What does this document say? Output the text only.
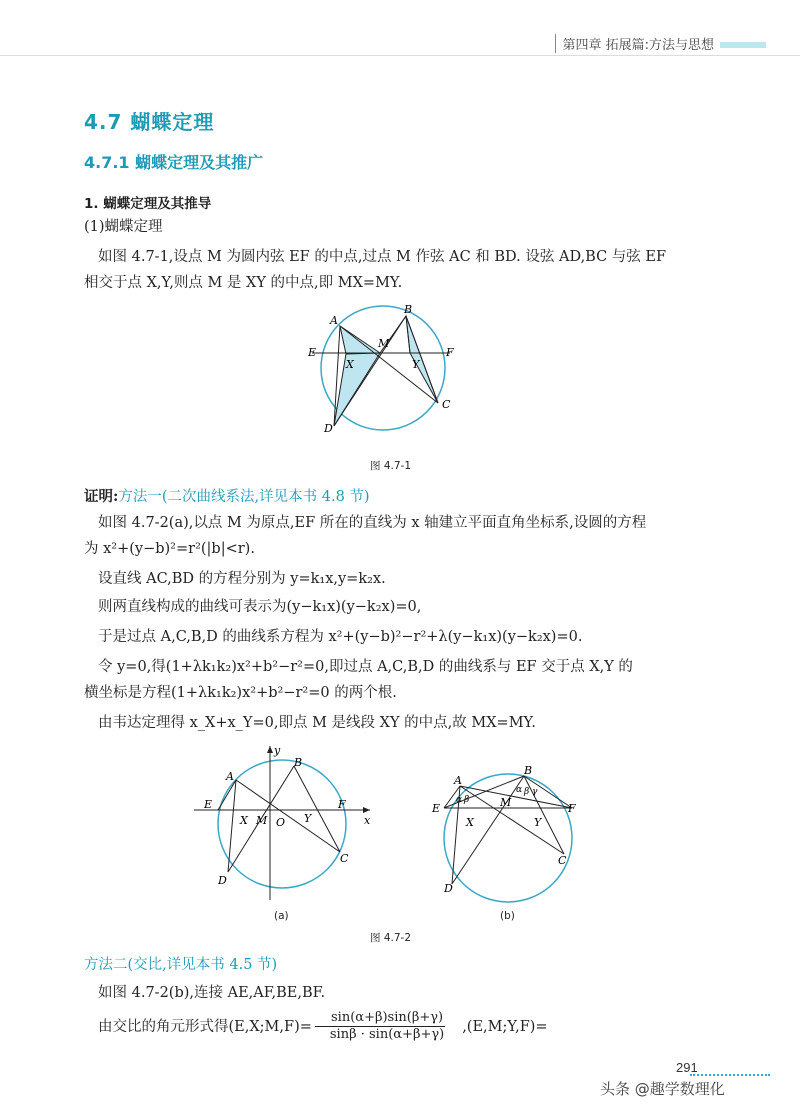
第四章 拓展篇:方法与思想
4.7 蝴蝶定理
4.7.1 蝴蝶定理及其推广
1. 蝴蝶定理及其推导
(1)蝴蝶定理
如图 4.7-1,设点 M 为圆内弦 EF 的中点,过点 M 作弦 AC 和 BD. 设弦 AD,BC 与弦 EF
相交于点 X,Y,则点 M 是 XY 的中点,即 MX=MY.
A
B
E
M
F
X	Y
C
D
图 4.7-1
证明:方法一(二次曲线系法,详见本书 4.8 节)
如图 4.7-2(a),以点 M 为原点,EF 所在的直线为 x 轴建立平面直角坐标系,设圆的方程
为 x²+(y−b)²=r²(|b|<r).
设直线 AC,BD 的方程分别为 y=k₁x,y=k₂x.
则两直线构成的曲线可表示为(y−k₁x)(y−k₂x)=0,
于是过点 A,C,B,D 的曲线系方程为 x²+(y−b)²−r²+λ(y−k₁x)(y−k₂x)=0.
令 y=0,得(1+λk₁k₂)x²+b²−r²=0,即过点 A,C,B,D 的曲线系与 EF 交于点 X,Y 的
横坐标是方程(1+λk₁k₂)x²+b²−r²=0 的两个根.
由韦达定理得 x_X+x_Y=0,即点 M 是线段 XY 的中点,故 MX=MY.
A
B
E	F
X M O Y
C
D
y
x
(a)
A
B
E	F
X
M
Y
C
D
α β
α β γ
(b)
图 4.7-2
方法二(交比,详见本书 4.5 节)
如图 4.7-2(b),连接 AE,AF,BE,BF.
由交比的角元形式得(E,X;M,F)= $\frac{\sin(\alpha+\beta)\sin(\beta+\gamma)}{\sin\beta \cdot \sin(\alpha+\beta+\gamma)}$	,(E,M;Y,F)=
291
头条 @趣学数理化
